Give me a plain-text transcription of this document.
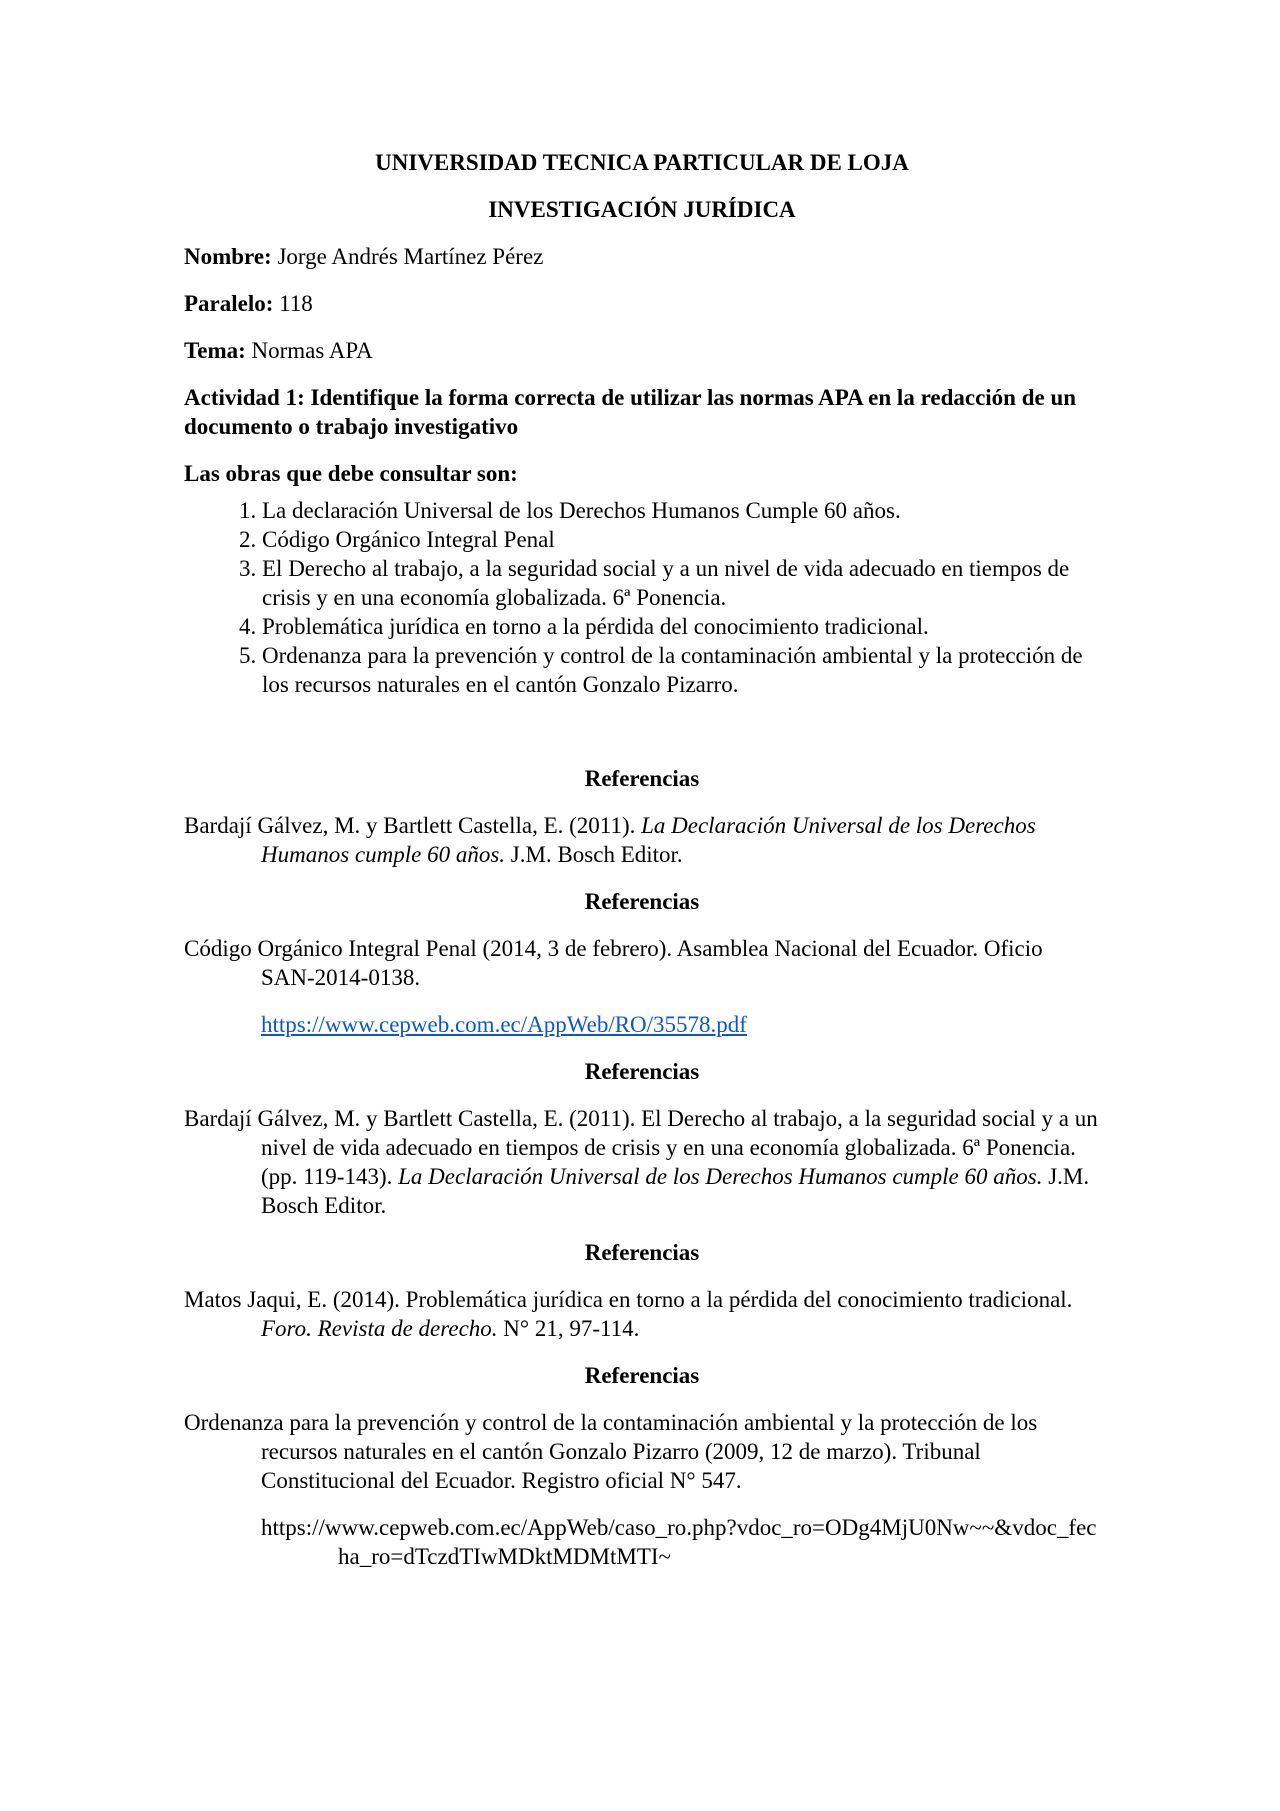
UNIVERSIDAD TECNICA PARTICULAR DE LOJA
INVESTIGACIÓN JURÍDICA

Nombre: Jorge Andrés Martínez Pérez

Paralelo: 118

Tema: Normas APA

Actividad 1: Identifique la forma correcta de utilizar las normas APA en la redacción de un documento o trabajo investigativo

Las obras que debe consultar son:

1. La declaración Universal de los Derechos Humanos Cumple 60 años.
2. Código Orgánico Integral Penal
3. El Derecho al trabajo, a la seguridad social y a un nivel de vida adecuado en tiempos de crisis y en una economía globalizada. 6ª Ponencia.
4. Problemática jurídica en torno a la pérdida del conocimiento tradicional.
5. Ordenanza para la prevención y control de la contaminación ambiental y la protección de los recursos naturales en el cantón Gonzalo Pizarro.

Referencias

Bardají Gálvez, M. y Bartlett Castella, E. (2011). La Declaración Universal de los Derechos Humanos cumple 60 años. J.M. Bosch Editor.

Referencias

Código Orgánico Integral Penal (2014, 3 de febrero). Asamblea Nacional del Ecuador. Oficio SAN-2014-0138.

https://www.cepweb.com.ec/AppWeb/RO/35578.pdf

Referencias

Bardají Gálvez, M. y Bartlett Castella, E. (2011). El Derecho al trabajo, a la seguridad social y a un nivel de vida adecuado en tiempos de crisis y en una economía globalizada. 6ª Ponencia. (pp. 119-143). La Declaración Universal de los Derechos Humanos cumple 60 años. J.M. Bosch Editor.

Referencias

Matos Jaqui, E. (2014). Problemática jurídica en torno a la pérdida del conocimiento tradicional. Foro. Revista de derecho. N° 21, 97-114.

Referencias

Ordenanza para la prevención y control de la contaminación ambiental y la protección de los recursos naturales en el cantón Gonzalo Pizarro (2009, 12 de marzo). Tribunal Constitucional del Ecuador. Registro oficial N° 547.

https://www.cepweb.com.ec/AppWeb/caso_ro.php?vdoc_ro=ODg4MjU0Nw~~&vdoc_fecha_ro=dTczdTIwMDktMDMtMTI~
